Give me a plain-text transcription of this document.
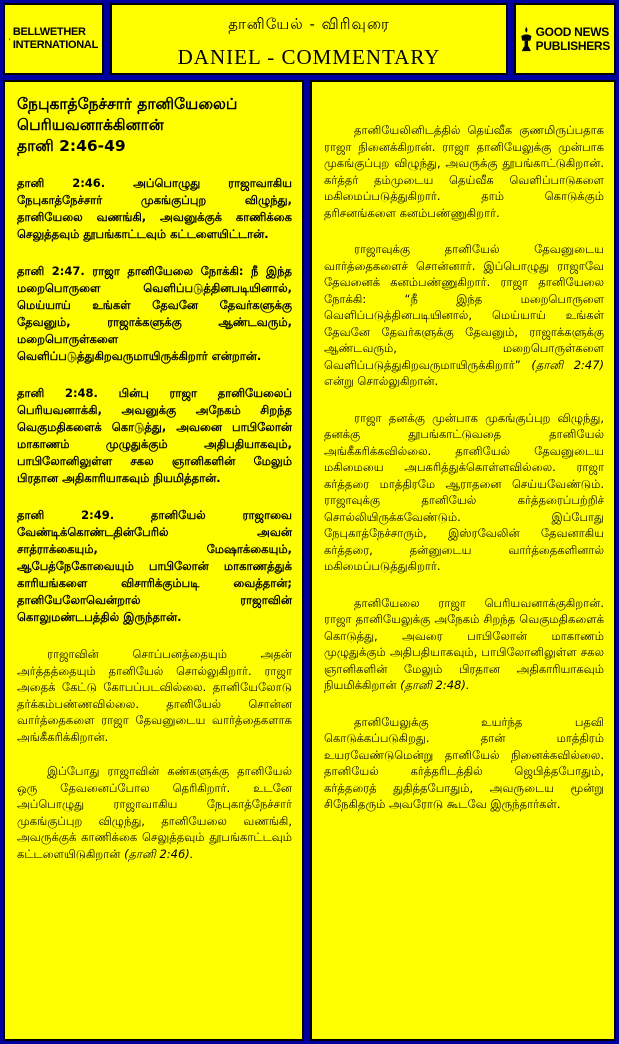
BELLWETHER
INTERNATIONAL
தானியேல் - விரிவுரை
DANIEL - COMMENTARY
GOOD NEWS
PUBLISHERS
நேபுகாத்நேச்சார் தானியேலைப் பெரியவனாக்கினான்
தானி 2:46-49
தானி 2:46. அப்பொழுது ராஜாவாகிய நேபுகாத்நேச்சார் முகங்குப்புற விழுந்து, தானியேலை வணங்கி, அவனுக்குக் காணிக்கை செலுத்தவும் தூபங்காட்டவும் கட்டளையிட்டான்.
தானி 2:47. ராஜா தானியேலை நோக்கி: நீ இந்த மறைபொருளை வெளிப்படுத்தினபடியினால், மெய்யாய் உங்கள் தேவனே தேவர்களுக்கு தேவனும், ராஜாக்களுக்கு ஆண்டவரும், மறைபொருள்களை வெளிப்படுத்துகிறவருமாயிருக்கிறார் என்றான்.
தானி 2:48. பின்பு ராஜா தானியேலைப் பெரியவனாக்கி, அவனுக்கு அநேகம் சிறந்த வெகுமதிகளைக் கொடுத்து, அவனை பாபிலோன் மாகாணம் முழுதுக்கும் அதிபதியாகவும், பாபிலோனிலுள்ள சகல ஞானிகளின் மேலும் பிரதான அதிகாரியாகவும் நியமித்தான்.
தானி 2:49. தானியேல் ராஜாவை வேண்டிக்கொண்டதின்பேரில் அவன் சாத்ராக்கையும், மேஷாக்கையும், ஆபேத்நேகோவையும் பாபிலோன் மாகாணத்துக் காரியங்களை விசாரிக்கும்படி வைத்தான்; தானியேலோவென்றால் ராஜாவின் கொலுமண்டபத்தில் இருந்தான்.
ராஜாவின் சொப்பனத்தையும் அதன் அர்த்தத்தையும் தானியேல் சொல்லுகிறார். ராஜா அதைக் கேட்டு கோபப்படவில்லை. தானியேலோடு தர்க்கம்பண்ணவில்லை. தானியேல் சொன்ன வார்த்தைகளை ராஜா தேவனுடைய வார்த்தைகளாக அங்கீகரிக்கிறான்.
இப்போது ராஜாவின் கண்களுக்கு தானியேல் ஒரு தேவனைப்போல தெரிகிறார். உடனே அப்பொழுது ராஜாவாகிய நேபுகாத்நேச்சார் முகங்குப்புற விழுந்து, தானியேலை வணங்கி, அவருக்குக் காணிக்கை செலுத்தவும் தூபங்காட்டவும் கட்டளையிடுகிறான் (தானி 2:46).
தானியேலினிடத்தில் தெய்வீக குணமிருப்பதாக ராஜா நினைக்கிறான். ராஜா தானியேலுக்கு முன்பாக முகங்குப்புற விழுந்து, அவருக்கு தூபங்காட்டுகிறான். கர்த்தர் தம்முடைய தெய்வீக வெளிப்பாடுகளை மகிமைப்படுத்துகிறார். தாம் கொடுக்கும் தரிசனங்களை கனம்பண்ணுகிறார்.
ராஜாவுக்கு தானியேல் தேவனுடைய வார்த்தைகளைச் சொன்னார். இப்பொழுது ராஜாவே தேவனைக் கனம்பண்ணுகிறார். ராஜா தானியேலை நோக்கி: “நீ இந்த மறைபொருளை வெளிப்படுத்தினபடியினால், மெய்யாய் உங்கள் தேவனே தேவர்களுக்கு தேவனும், ராஜாக்களுக்கு ஆண்டவரும், மறைபொருள்களை வெளிப்படுத்துகிறவருமாயிருக்கிறார்” (தானி 2:47) என்று சொல்லுகிறான்.
ராஜா தனக்கு முன்பாக முகங்குப்புற விழுந்து, தனக்கு தூபங்காட்டுவதை தானியேல் அங்கீகரிக்கவில்லை. தானியேல் தேவனுடைய மகிமையை அபகரித்துக்கொள்ளவில்லை. ராஜா கர்த்தரை மாத்திரமே ஆராதனை செய்யவேண்டும். ராஜாவுக்கு தானியேல் கர்த்தரைப்பற்றிச் சொல்லியிருக்கவேண்டும். இப்போது நேபுகாத்நேச்சாரும், இஸ்ரவேலின் தேவனாகிய கர்த்தரை, தன்னுடைய வார்த்தைகளினால் மகிமைப்படுத்துகிறார்.
தானியேலை ராஜா பெரியவனாக்குகிறான். ராஜா தானியேலுக்கு அநேகம் சிறந்த வெகுமதிகளைக் கொடுத்து, அவரை பாபிலோன் மாகாணம் முழுதுக்கும் அதிபதியாகவும், பாபிலோனிலுள்ள சகல ஞானிகளின் மேலும் பிரதான அதிகாரியாகவும் நியமிக்கிறான் (தானி 2:48).
தானியேலுக்கு உயர்ந்த பதவி கொடுக்கப்படுகிறது. தான் மாத்திரம் உயரவேண்டுமென்று தானியேல் நினைக்கவில்லை. தானியேல் கர்த்தரிடத்தில் ஜெபித்தபோதும், கர்த்தரைத் துதித்தபோதும், அவருடைய மூன்று சிநேகிதரும் அவரோடு கூடவே இருந்தார்கள்.
